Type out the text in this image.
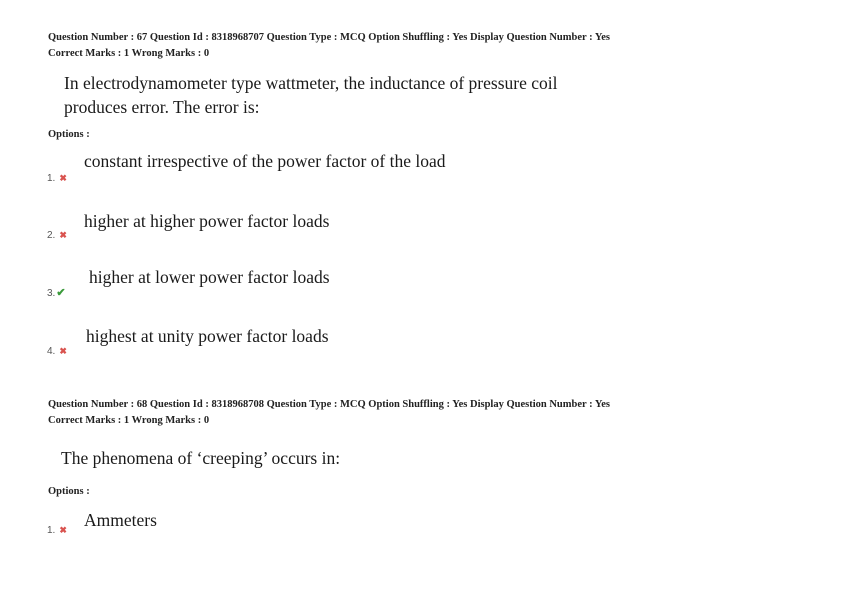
Question Number : 67 Question Id : 8318968707 Question Type : MCQ Option Shuffling : Yes Display Question Number : Yes
Correct Marks : 1 Wrong Marks : 0
In electrodynamometer type wattmeter, the inductance of pressure coil
produces error. The error is:
Options :
constant irrespective of the power factor of the load
1. ✖
higher at higher power factor loads
2. ✖
higher at lower power factor loads
3.✔
highest at unity power factor loads
4. ✖
Question Number : 68 Question Id : 8318968708 Question Type : MCQ Option Shuffling : Yes Display Question Number : Yes
Correct Marks : 1 Wrong Marks : 0
The phenomena of ‘creeping’ occurs in:
Options :
Ammeters
1. ✖
